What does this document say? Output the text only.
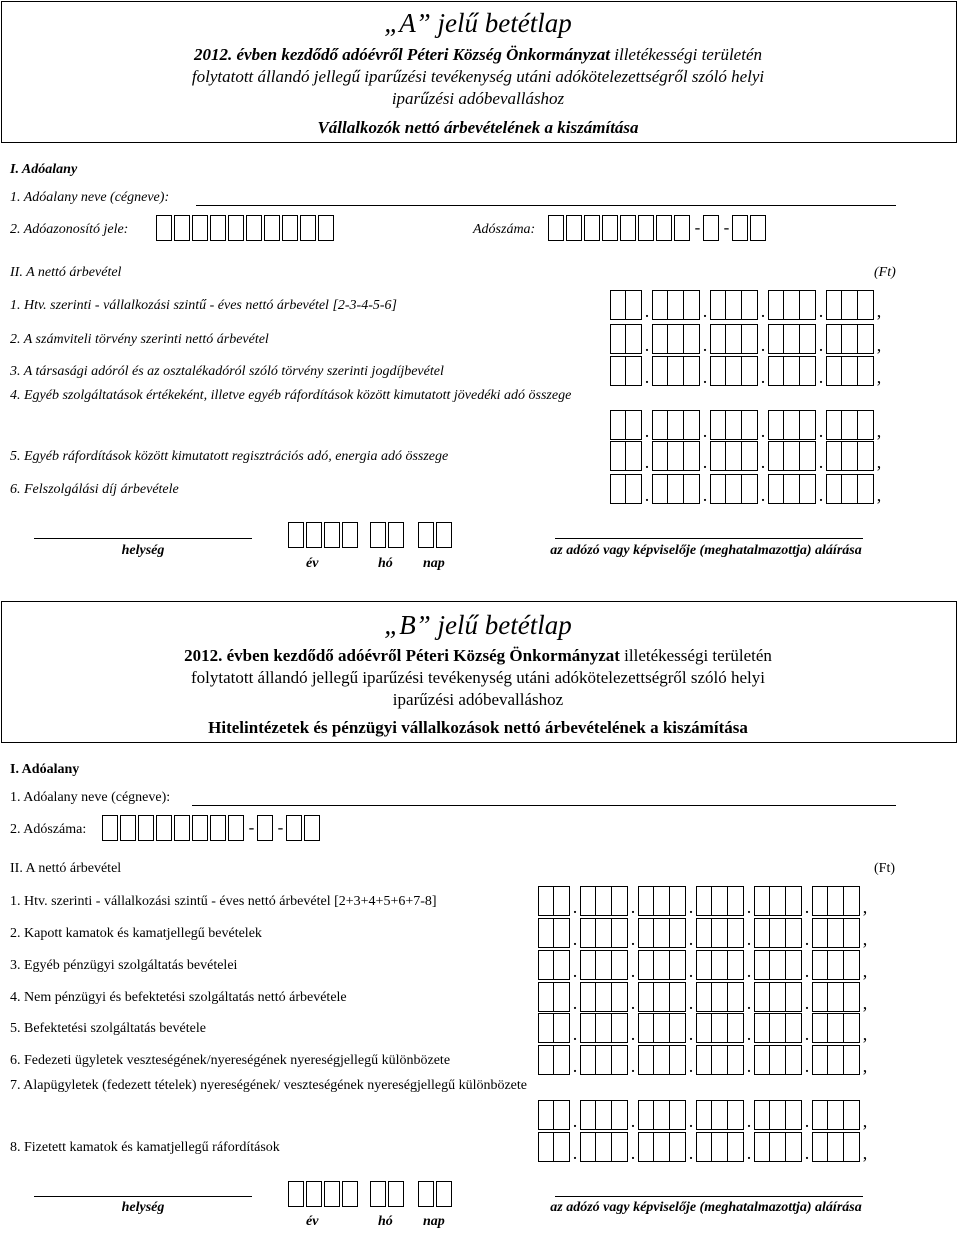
„A” jelű betétlap
2012. évben kezdődő adóévről Péteri Község Önkormányzat illetékességi területén
folytatott állandó jellegű iparűzési tevékenység utáni adókötelezettségről szóló helyi
iparűzési adóbevalláshoz
Vállalkozók nettó árbevételének a kiszámítása
I. Adóalany
1. Adóalany neve (cégneve):
2. Adóazonosító jele:	Adószáma:	- -
II. A nettó árbevétel	(Ft)
1. Htv. szerinti - vállalkozási szintű - éves nettó árbevétel [2-3-4-5-6]	.	.	.	.	,
2. A számviteli törvény szerinti nettó árbevétel	.	.	.	.	,
3. A társasági adóról és az osztalékadóról szóló törvény szerinti jogdíjbevétel	.	.	.	.	,
4. Egyéb szolgáltatások értékeként, illetve egyéb ráfordítások között kimutatott jövedéki adó összege
.	.	.	.	,
5. Egyéb ráfordítások között kimutatott regisztrációs adó, energia adó összege	.	.	.	.	,
6. Felszolgálási díj árbevétele	.	.	.	.	,
helység
év	hó nap
az adózó vagy képviselője (meghatalmazottja) aláírása
„B” jelű betétlap
2012. évben kezdődő adóévről Péteri Község Önkormányzat illetékességi területén
folytatott állandó jellegű iparűzési tevékenység utáni adókötelezettségről szóló helyi
iparűzési adóbevalláshoz
Hitelintézetek és pénzügyi vállalkozások nettó árbevételének a kiszámítása
I. Adóalany
1. Adóalany neve (cégneve):
2. Adószáma:	- -
II. A nettó árbevétel	(Ft)
1. Htv. szerinti - vállalkozási szintű - éves nettó árbevétel [2+3+4+5+6+7-8]	.	.	.	.	.	,
2. Kapott kamatok és kamatjellegű bevételek	.	.	.	.	.	,
3. Egyéb pénzügyi szolgáltatás bevételei	.	.	.	.	.	,
4. Nem pénzügyi és befektetési szolgáltatás nettó árbevétele	.	.	.	.	.	,
5. Befektetési szolgáltatás bevétele	.	.	.	.	.	,
6. Fedezeti ügyletek veszteségének/nyereségének nyereségjellegű különbözete	.	.	.	.	.	,
7. Alapügyletek (fedezett tételek) nyereségének/ veszteségének nyereségjellegű különbözete
.	.	.	.	.	,
8. Fizetett kamatok és kamatjellegű ráfordítások	.	.	.	.	.	,
helység
év	hó nap
az adózó vagy képviselője (meghatalmazottja) aláírása
